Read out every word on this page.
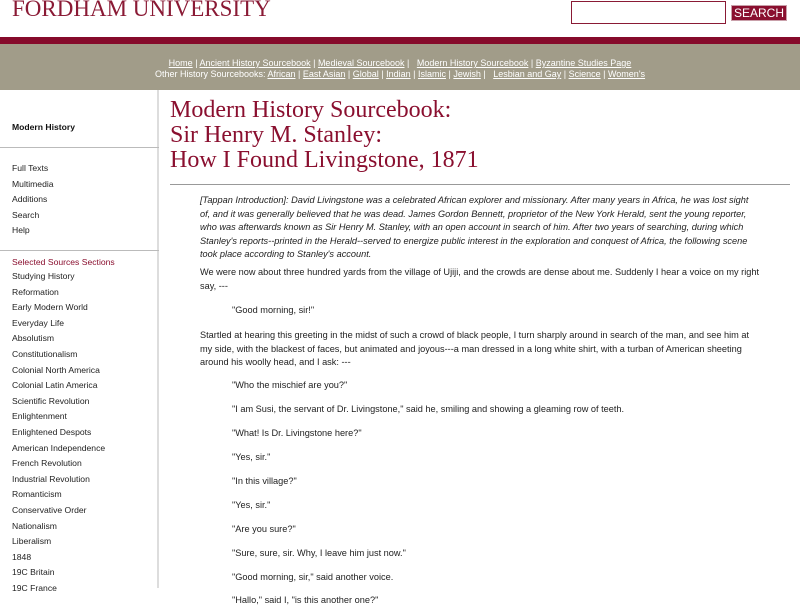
FORDHAM UNIVERSITY	SEARCH
Home | Ancient History Sourcebook | Medieval Sourcebook |   Modern History Sourcebook | Byzantine Studies Page
Other History Sourcebooks: African | East Asian | Global | Indian | Islamic | Jewish |   Lesbian and Gay | Science | Women's
Modern History
Selected Sources Sections
Full Texts
Multimedia
Additions
Search
Help
Studying History
Reformation
Early Modern World
Everyday Life
Absolutism
Constitutionalism
Colonial North America
Colonial Latin America
Scientific Revolution
Enlightenment
Enlightened Despots
American Independence
French Revolution
Industrial Revolution
Romanticism
Conservative Order
Nationalism
Liberalism
1848
19C Britain
19C France
Modern History Sourcebook:
Sir Henry M. Stanley:
How I Found Livingstone, 1871
[Tappan Introduction]: David Livingstone was a celebrated African explorer and missionary. After many years in Africa, he was lost sight of, and it was generally believed that he was dead. James Gordon Bennett, proprietor of the New York Herald, sent the young reporter, who was afterwards known as Sir Henry M. Stanley, with an open account in search of him. After two years of searching, during which Stanley's reports--printed in the Herald--served to energize public interest in the exploration and conquest of Africa, the following scene took place according to Stanley's account.
We were now about three hundred yards from the village of Ujiji, and the crowds are dense about me. Suddenly I hear a voice on my right say, ---
"Good morning, sir!"
Startled at hearing this greeting in the midst of such a crowd of black people, I turn sharply around in search of the man, and see him at my side, with the blackest of faces, but animated and joyous---a man dressed in a long white shirt, with a turban of American sheeting around his woolly head, and I ask: ---
"Who the mischief are you?"
"I am Susi, the servant of Dr. Livingstone," said he, smiling and showing a gleaming row of teeth.
"What! Is Dr. Livingstone here?"
"Yes, sir."
"In this village?"
"Yes, sir."
"Are you sure?"
"Sure, sure, sir. Why, I leave him just now."
"Good morning, sir," said another voice.
"Hallo," said I, "is this another one?"
